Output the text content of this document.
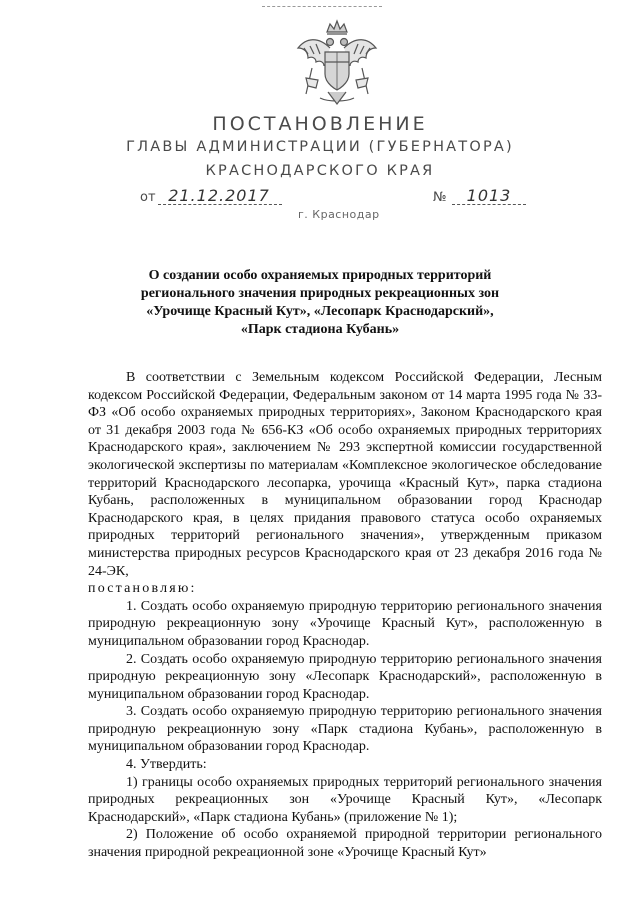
ПОСТАНОВЛЕНИЕ
ГЛАВЫ АДМИНИСТРАЦИИ (ГУБЕРНАТОРА)
КРАСНОДАРСКОГО КРАЯ
от 21.12.2017	№	1013
г. Краснодар
О создании особо охраняемых природных территорий
регионального значения природных рекреационных зон
«Урочище Красный Кут», «Лесопарк Краснодарский»,
«Парк стадиона Кубань»

В соответствии с Земельным кодексом Российской Федерации, Лесным кодексом Российской Федерации, Федеральным законом от 14 марта 1995 года № 33-ФЗ «Об особо охраняемых природных территориях», Законом Краснодарского края от 31 декабря 2003 года № 656-КЗ «Об особо охраняемых природных территориях Краснодарского края», заключением № 293 экспертной комиссии государственной экологической экспертизы по материалам «Комплексное экологическое обследование территорий Краснодарского лесопарка, урочища «Красный Кут», парка стадиона Кубань, расположенных в муниципальном образовании город Краснодар Краснодарского края, в целях придания правового статуса особо охраняемых природных территорий регионального значения», утвержденным приказом министерства природных ресурсов Краснодарского края от 23 декабря 2016 года № 24-ЭК,

постановляю:

1. Создать особо охраняемую природную территорию регионального значения природную рекреационную зону «Урочище Красный Кут», расположенную в муниципальном образовании город Краснодар.

2. Создать особо охраняемую природную территорию регионального значения природную рекреационную зону «Лесопарк Краснодарский», расположенную в муниципальном образовании город Краснодар.

3. Создать особо охраняемую природную территорию регионального значения природную рекреационную зону «Парк стадиона Кубань», расположенную в муниципальном образовании город Краснодар.

4. Утвердить:

1) границы особо охраняемых природных территорий регионального значения природных рекреационных зон «Урочище Красный Кут», «Лесопарк Краснодарский», «Парк стадиона Кубань» (приложение № 1);

2) Положение об особо охраняемой природной территории регионального значения природной рекреационной зоне «Урочище Красный Кут»
